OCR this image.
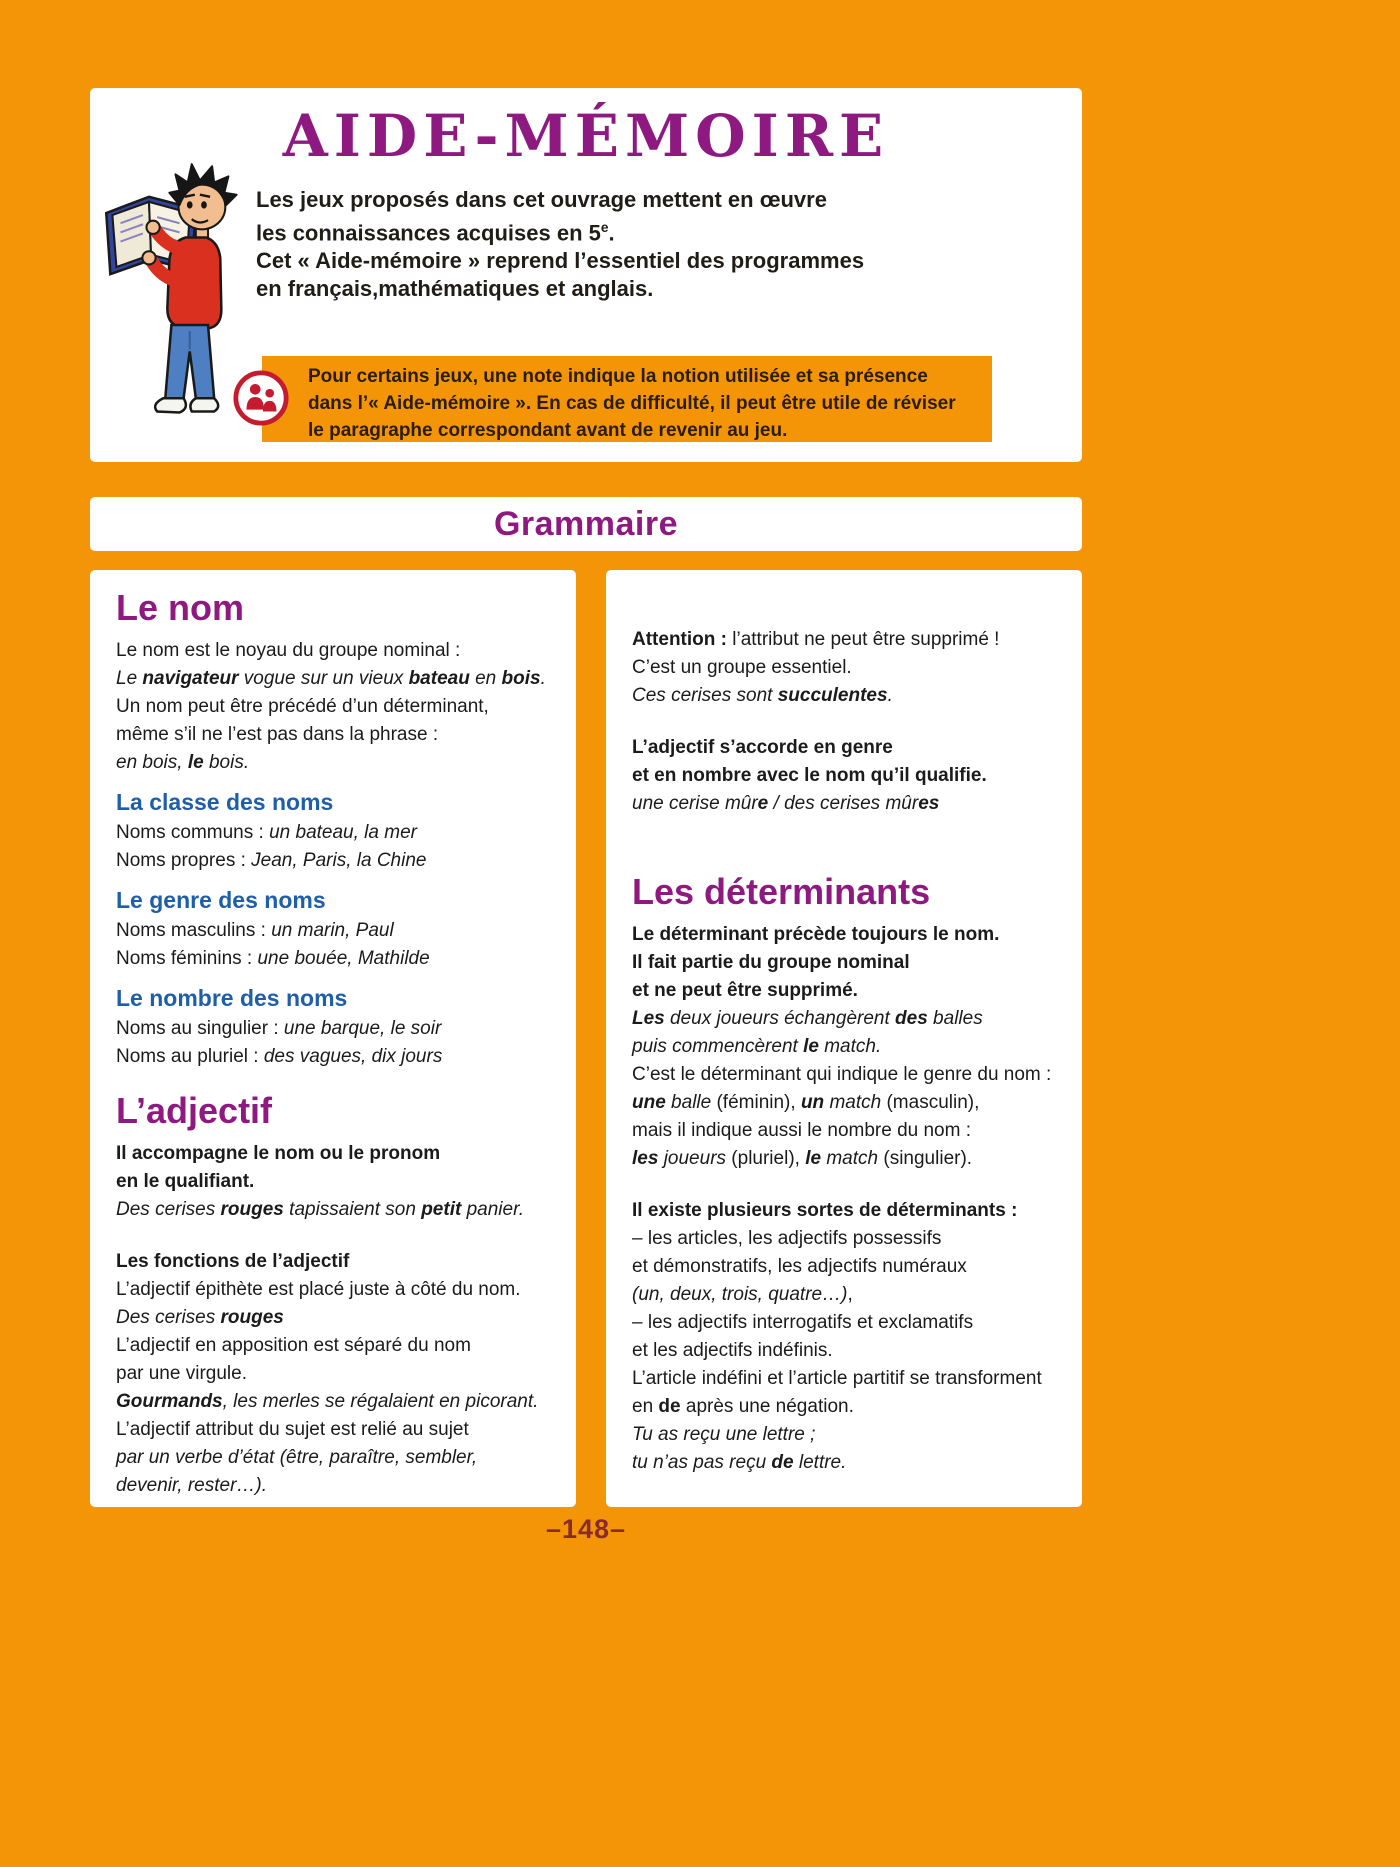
AIDE-MÉMOIRE
Les jeux proposés dans cet ouvrage mettent en œuvre
les connaissances acquises en 5e.
Cet « Aide-mémoire » reprend l’essentiel des programmes
en français,mathématiques et anglais.
Pour certains jeux, une note indique la notion utilisée et sa présence
dans l’« Aide-mémoire ». En cas de difficulté, il peut être utile de réviser
le paragraphe correspondant avant de revenir au jeu.
Grammaire
Le nom
Le nom est le noyau du groupe nominal :
Le navigateur vogue sur un vieux bateau en bois.
Un nom peut être précédé d’un déterminant,
même s’il ne l’est pas dans la phrase :
en bois, le bois.
La classe des noms
Noms communs : un bateau, la mer
Noms propres : Jean, Paris, la Chine
Le genre des noms
Noms masculins : un marin, Paul
Noms féminins : une bouée, Mathilde
Le nombre des noms
Noms au singulier : une barque, le soir
Noms au pluriel : des vagues, dix jours
L’adjectif
Il accompagne le nom ou le pronom
en le qualifiant.
Des cerises rouges tapissaient son petit panier.
Les fonctions de l’adjectif
L’adjectif épithète est placé juste à côté du nom.
Des cerises rouges
L’adjectif en apposition est séparé du nom
par une virgule.
Gourmands, les merles se régalaient en picorant.
L’adjectif attribut du sujet est relié au sujet
par un verbe d’état (être, paraître, sembler,
devenir, rester…).
Attention : l’attribut ne peut être supprimé !
C’est un groupe essentiel.
Ces cerises sont succulentes.
L’adjectif s’accorde en genre
et en nombre avec le nom qu’il qualifie.
une cerise mûre / des cerises mûres
Les déterminants
Le déterminant précède toujours le nom.
Il fait partie du groupe nominal
et ne peut être supprimé.
Les deux joueurs échangèrent des balles
puis commencèrent le match.
C’est le déterminant qui indique le genre du nom :
une balle (féminin), un match (masculin),
mais il indique aussi le nombre du nom :
les joueurs (pluriel), le match (singulier).
Il existe plusieurs sortes de déterminants :
– les articles, les adjectifs possessifs
et démonstratifs, les adjectifs numéraux
(un, deux, trois, quatre…),
– les adjectifs interrogatifs et exclamatifs
et les adjectifs indéfinis.
L’article indéfini et l’article partitif se transforment
en de après une négation.
Tu as reçu une lettre ;
tu n’as pas reçu de lettre.
–148–
